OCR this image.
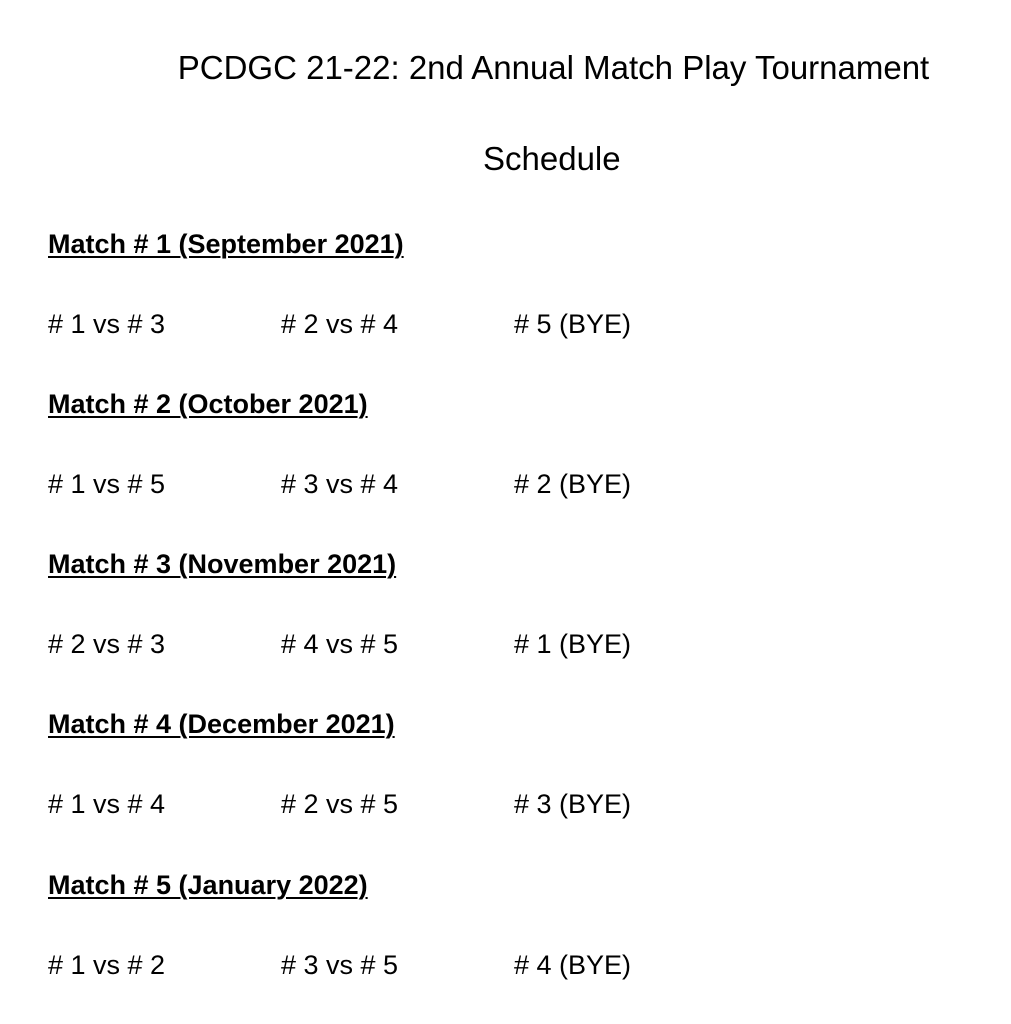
PCDGC 21-22: 2nd Annual Match Play Tournament
Schedule
Match # 1 (September 2021)
# 1 vs # 3	# 2 vs # 4	# 5 (BYE)
Match # 2 (October 2021)
# 1 vs # 5	# 3 vs # 4	# 2 (BYE)
Match # 3 (November 2021)
# 2 vs # 3	# 4 vs # 5	# 1 (BYE)
Match # 4 (December 2021)
# 1 vs # 4	# 2 vs # 5	# 3 (BYE)
Match # 5 (January 2022)
# 1 vs # 2	# 3 vs # 5	# 4 (BYE)
